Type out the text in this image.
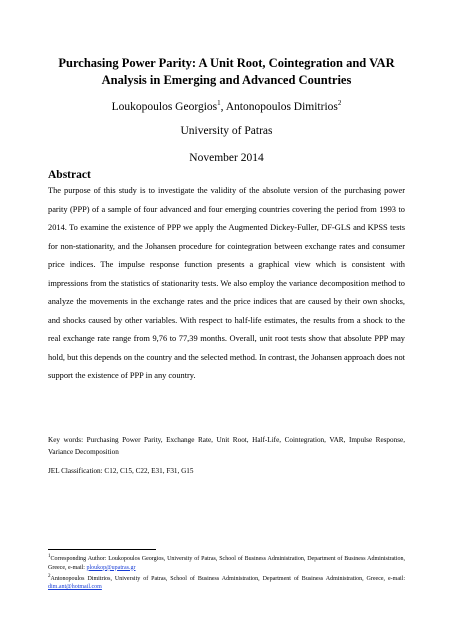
Purchasing Power Parity: A Unit Root, Cointegration and VAR Analysis in Emerging and Advanced Countries
Loukopoulos Georgios$^1$, Antonopoulos Dimitrios$^2$
University of Patras
November 2014
Abstract
The purpose of this study is to investigate the validity of the absolute version of the purchasing power parity (PPP) of a sample of four advanced and four emerging countries covering the period from 1993 to 2014. To examine the existence of PPP we apply the Augmented Dickey-Fuller, DF-GLS and KPSS tests for non-stationarity, and the Johansen procedure for cointegration between exchange rates and consumer price indices. The impulse response function presents a graphical view which is consistent with impressions from the statistics of stationarity tests. We also employ the variance decomposition method to analyze the movements in the exchange rates and the price indices that are caused by their own shocks, and shocks caused by other variables. With respect to half-life estimates, the results from a shock to the real exchange rate range from 9,76 to 77,39 months. Overall, unit root tests show that absolute PPP may hold, but this depends on the country and the selected method. In contrast, the Johansen approach does not support the existence of PPP in any country.
Key words: Purchasing Power Parity, Exchange Rate, Unit Root, Half-Life, Cointegration, VAR, Impulse Response, Variance Decomposition
JEL Classification: C12, C15, C22, E31, F31, G15
$^1$Corresponding Author: Loukopoulos Georgios, University of Patras, School of Business Administration, Department of Business Administration, Greece, e-mail: ploukop@upatras.gr
$^2$Antonopoulos Dimitrios, University of Patras, School of Business Administration, Department of Business Administration, Greece, e-mail: dim.ant@hotmail.com
